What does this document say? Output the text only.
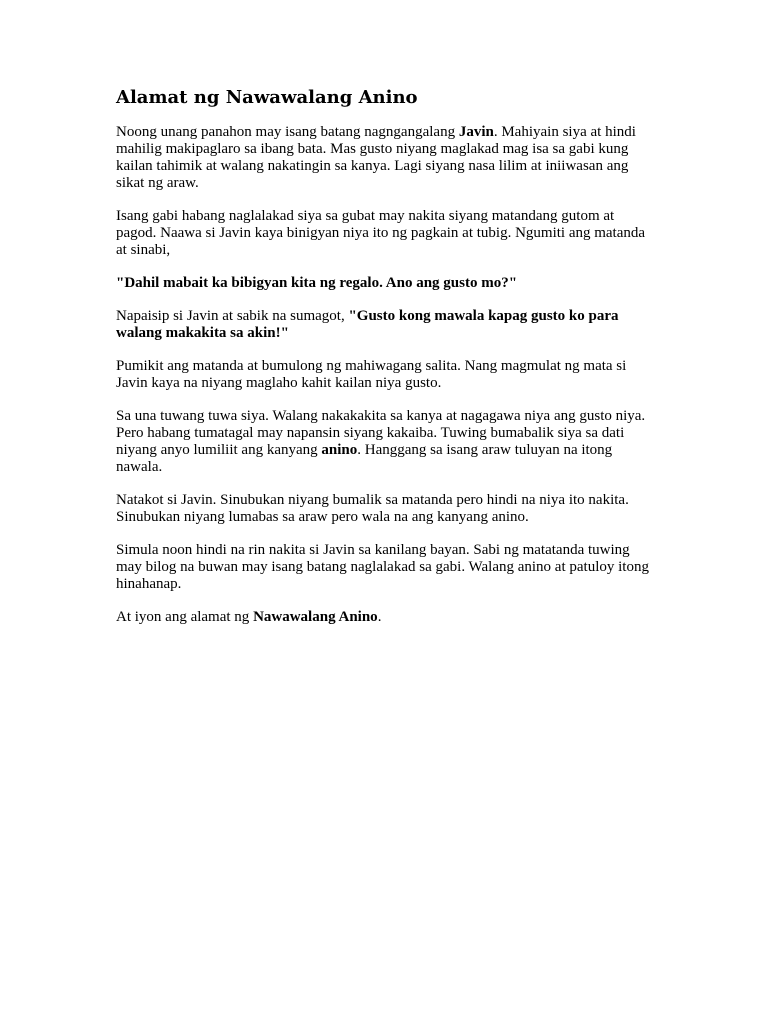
Alamat ng Nawawalang Anino

Noong unang panahon may isang batang nagngangalang Javin. Mahiyain siya at hindi mahilig makipaglaro sa ibang bata. Mas gusto niyang maglakad mag isa sa gabi kung kailan tahimik at walang nakatingin sa kanya. Lagi siyang nasa lilim at iniiwasan ang sikat ng araw.

Isang gabi habang naglalakad siya sa gubat may nakita siyang matandang gutom at pagod. Naawa si Javin kaya binigyan niya ito ng pagkain at tubig. Ngumiti ang matanda at sinabi,

"Dahil mabait ka bibigyan kita ng regalo. Ano ang gusto mo?"

Napaisip si Javin at sabik na sumagot, "Gusto kong mawala kapag gusto ko para walang makakita sa akin!"

Pumikit ang matanda at bumulong ng mahiwagang salita. Nang magmulat ng mata si Javin kaya na niyang maglaho kahit kailan niya gusto.

Sa una tuwang tuwa siya. Walang nakakakita sa kanya at nagagawa niya ang gusto niya. Pero habang tumatagal may napansin siyang kakaiba. Tuwing bumabalik siya sa dati niyang anyo lumiliit ang kanyang anino. Hanggang sa isang araw tuluyan na itong nawala.

Natakot si Javin. Sinubukan niyang bumalik sa matanda pero hindi na niya ito nakita. Sinubukan niyang lumabas sa araw pero wala na ang kanyang anino.

Simula noon hindi na rin nakita si Javin sa kanilang bayan. Sabi ng matatanda tuwing may bilog na buwan may isang batang naglalakad sa gabi. Walang anino at patuloy itong hinahanap.

At iyon ang alamat ng Nawawalang Anino.
